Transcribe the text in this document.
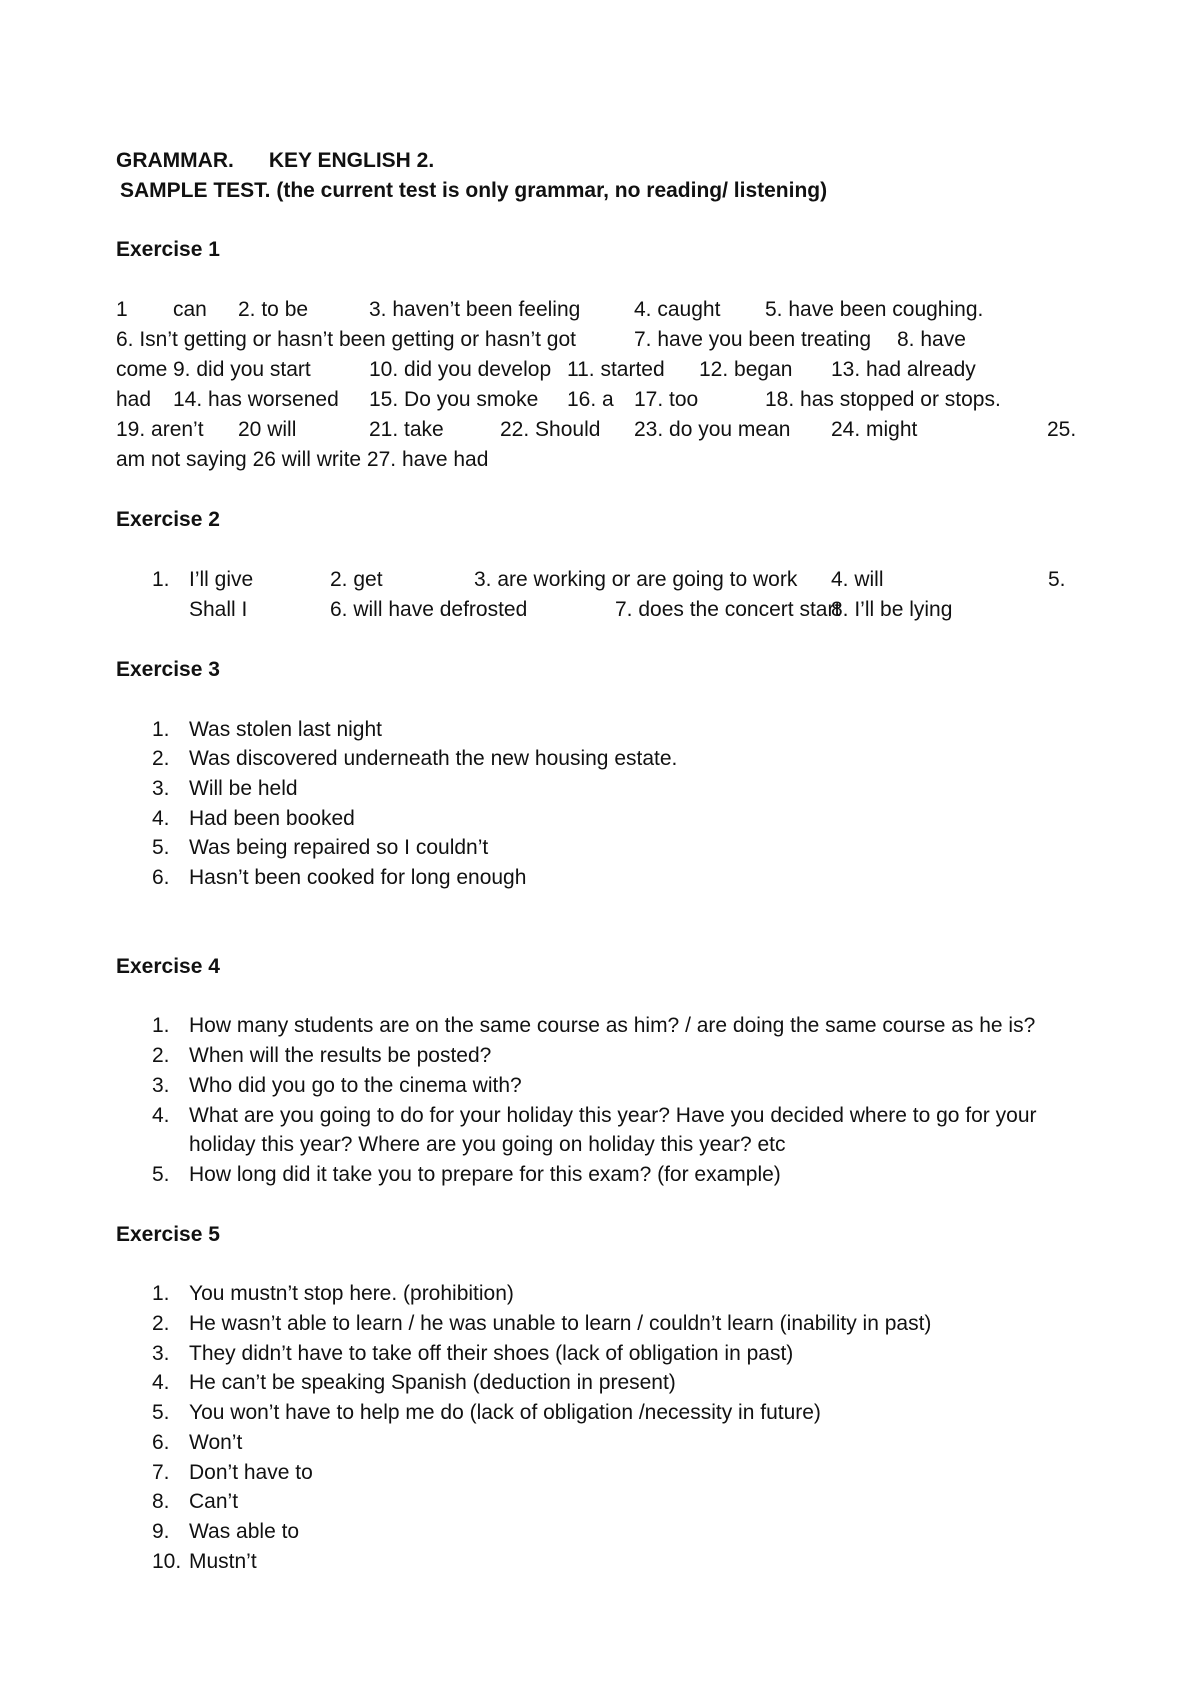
GRAMMAR. KEY ENGLISH 2.
SAMPLE TEST. (the current test is only grammar, no reading/ listening)
Exercise 1
1 can 2. to be	3. haven’t been feeling	4. caught 5. have been coughing.
6. Isn’t getting or hasn’t been getting or hasn’t got	7. have you been treating 8. have
come 9. did you start	10. did you develop 11. started 12. began 13. had already
had 14. has worsened 15. Do you smoke 16. a 17. too	18. has stopped or stops.
19. aren’t 20 will	21. take	22. Should 23. do you mean 24. might	25.
am not saying 26 will write 27. have had
Exercise 2
1. I’ll give	2. get	3. are working or are going to work 4. will	5.
Shall I	6. will have defrosted	7. does the concert start
8. I’ll be lying
Exercise 3
1. Was stolen last night
2. Was discovered underneath the new housing estate.
3. Will be held
4. Had been booked
5. Was being repaired so I couldn’t
6. Hasn’t been cooked for long enough
Exercise 4
1. How many students are on the same course as him? / are doing the same course as he is?
2. When will the results be posted?
3. Who did you go to the cinema with?
4. What are you going to do for your holiday this year? Have you decided where to go for your holiday this year? Where are you going on holiday this year? etc
5. How long did it take you to prepare for this exam? (for example)
Exercise 5
1. You mustn’t stop here. (prohibition)
2. He wasn’t able to learn / he was unable to learn / couldn’t learn (inability in past)
3. They didn’t have to take off their shoes (lack of obligation in past)
4. He can’t be speaking Spanish (deduction in present)
5. You won’t have to help me do (lack of obligation /necessity in future)
6. Won’t
7. Don’t have to
8. Can’t
9. Was able to
10. Mustn’t
